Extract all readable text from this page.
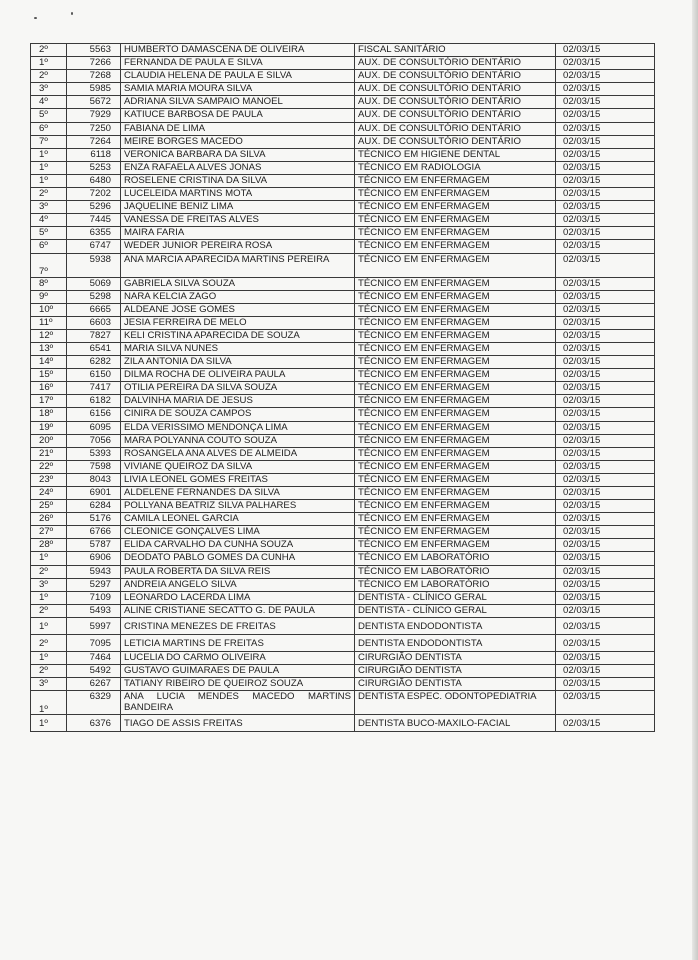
2º	5563	HUMBERTO DAMASCENA DE OLIVEIRA	FISCAL SANITÁRIO	02/03/15
1º	7266	FERNANDA DE PAULA E SILVA	AUX. DE CONSULTÓRIO DENTÁRIO	02/03/15
2º	7268	CLAUDIA HELENA DE PAULA E SILVA	AUX. DE CONSULTÓRIO DENTÁRIO	02/03/15
3º	5985	SAMIA MARIA MOURA SILVA	AUX. DE CONSULTÓRIO DENTÁRIO	02/03/15
4º	5672	ADRIANA SILVA SAMPAIO MANOEL	AUX. DE CONSULTÓRIO DENTÁRIO	02/03/15
5º	7929	KATIUCE BARBOSA DE PAULA	AUX. DE CONSULTÓRIO DENTÁRIO	02/03/15
6º	7250	FABIANA DE LIMA	AUX. DE CONSULTÓRIO DENTÁRIO	02/03/15
7º	7264	MEIRE BORGES MACEDO	AUX. DE CONSULTÓRIO DENTÁRIO	02/03/15
1º	6118	VERONICA BARBARA DA SILVA	TÉCNICO EM HIGIENE DENTAL	02/03/15
1º	5253	ENZA RAFAELA ALVES JONAS	TÉCNICO EM RADIOLOGIA	02/03/15
1º	6480	ROSELENE CRISTINA DA SILVA	TÉCNICO EM ENFERMAGEM	02/03/15
2º	7202	LUCELEIDA MARTINS MOTA	TÉCNICO EM ENFERMAGEM	02/03/15
3º	5296	JAQUELINE BENIZ LIMA	TÉCNICO EM ENFERMAGEM	02/03/15
4º	7445	VANESSA DE FREITAS ALVES	TÉCNICO EM ENFERMAGEM	02/03/15
5º	6355	MAIRA FARIA	TÉCNICO EM ENFERMAGEM	02/03/15
6º	6747	WEDER JUNIOR PEREIRA ROSA	TÉCNICO EM ENFERMAGEM	02/03/15
7º	5938	ANA MARCIA APARECIDA MARTINS PEREIRA	TÉCNICO EM ENFERMAGEM	02/03/15
8º	5069	GABRIELA SILVA SOUZA	TÉCNICO EM ENFERMAGEM	02/03/15
9º	5298	NARA KELCIA ZAGO	TÉCNICO EM ENFERMAGEM	02/03/15
10º	6665	ALDEANE JOSE GOMES	TÉCNICO EM ENFERMAGEM	02/03/15
11º	6603	JESIA FERREIRA DE MELO	TÉCNICO EM ENFERMAGEM	02/03/15
12º	7827	KELI CRISTINA APARECIDA DE SOUZA	TÉCNICO EM ENFERMAGEM	02/03/15
13º	6541	MARIA SILVA NUNES	TÉCNICO EM ENFERMAGEM	02/03/15
14º	6282	ZILA ANTONIA DA SILVA	TÉCNICO EM ENFERMAGEM	02/03/15
15º	6150	DILMA ROCHA DE OLIVEIRA PAULA	TÉCNICO EM ENFERMAGEM	02/03/15
16º	7417	OTILIA PEREIRA DA SILVA SOUZA	TÉCNICO EM ENFERMAGEM	02/03/15
17º	6182	DALVINHA MARIA DE JESUS	TÉCNICO EM ENFERMAGEM	02/03/15
18º	6156	CINIRA DE SOUZA CAMPOS	TÉCNICO EM ENFERMAGEM	02/03/15
19º	6095	ELDA VERISSIMO MENDONÇA LIMA	TÉCNICO EM ENFERMAGEM	02/03/15
20º	7056	MARA POLYANNA COUTO SOUZA	TÉCNICO EM ENFERMAGEM	02/03/15
21º	5393	ROSANGELA ANA ALVES DE ALMEIDA	TÉCNICO EM ENFERMAGEM	02/03/15
22º	7598	VIVIANE QUEIROZ DA SILVA	TÉCNICO EM ENFERMAGEM	02/03/15
23º	8043	LIVIA LEONEL GOMES FREITAS	TÉCNICO EM ENFERMAGEM	02/03/15
24º	6901	ALDELENE FERNANDES DA SILVA	TÉCNICO EM ENFERMAGEM	02/03/15
25º	6284	POLLYANA BEATRIZ SILVA PALHARES	TÉCNICO EM ENFERMAGEM	02/03/15
26º	5176	CAMILA LEONEL GARCIA	TÉCNICO EM ENFERMAGEM	02/03/15
27º	6766	CLEONICE GONÇALVES LIMA	TÉCNICO EM ENFERMAGEM	02/03/15
28º	5787	ELIDA CARVALHO DA CUNHA SOUZA	TÉCNICO EM ENFERMAGEM	02/03/15
1º	6906	DEODATO PABLO GOMES DA CUNHA	TÉCNICO EM LABORATÓRIO	02/03/15
2º	5943	PAULA ROBERTA DA SILVA REIS	TÉCNICO EM LABORATÓRIO	02/03/15
3º	5297	ANDREIA ANGELO SILVA	TÉCNICO EM LABORATÓRIO	02/03/15
1º	7109	LEONARDO LACERDA LIMA	DENTISTA - CLÍNICO GERAL	02/03/15
2º	5493	ALINE CRISTIANE SECATTO G. DE PAULA	DENTISTA - CLÍNICO GERAL	02/03/15
1º	5997	CRISTINA MENEZES DE FREITAS	DENTISTA ENDODONTISTA	02/03/15
2º	7095	LETICIA MARTINS DE FREITAS	DENTISTA ENDODONTISTA	02/03/15
1º	7464	LUCELIA DO CARMO OLIVEIRA	CIRURGIÃO DENTISTA	02/03/15
2º	5492	GUSTAVO GUIMARAES DE PAULA	CIRURGIÃO DENTISTA	02/03/15
3º	6267	TATIANY RIBEIRO DE QUEIROZ SOUZA	CIRURGIÃO DENTISTA	02/03/15
1º	6329	ANA LUCIA MENDES MACEDO MARTINS BANDEIRA	DENTISTA ESPEC. ODONTOPEDIATRIA	02/03/15
1º	6376	TIAGO DE ASSIS FREITAS	DENTISTA BUCO-MAXILO-FACIAL	02/03/15
